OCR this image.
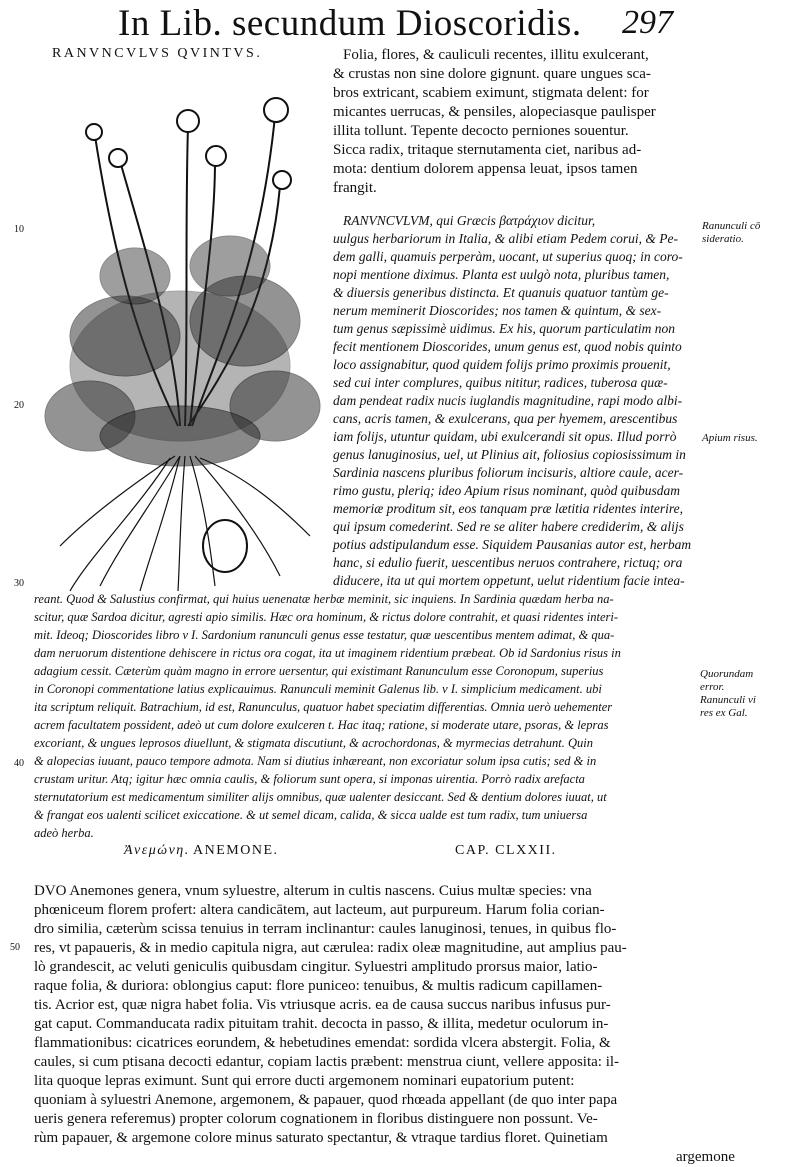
In Lib. secundum Dioscoridis. 297
RANVNCVLVS QVINTVS.	Folia, flores, & cauliculi recentes, illitu exulcerant,
& crustas non sine dolore gignunt. quare ungues sca-
bros extricant, scabiem eximunt, stigmata delent: for
micantes uerrucas, & pensiles, alopeciasque paulisper
illita tollunt. Tepente decocto perniones souentur.
Sicca radix, tritaque sternutamenta ciet, naribus ad-
mota: dentium dolorem appensa leuat, ipsos tamen
frangit.
RANVNCVLVM, qui Græcis βατράχιον dicitur,
uulgus herbariorum in Italia, & alibi etiam Pedem corui, & Pe-
dem galli, quamuis perperàm, uocant, ut superius quoq; in coro-
nopi mentione diximus. Planta est uulgò nota, pluribus tamen,
& diuersis generibus distincta. Et quanuis quatuor tantùm ge-
nerum meminerit Dioscorides; nos tamen & quintum, & sex-
tum genus sæpissimè uidimus. Ex his, quorum particulatim non
fecit mentionem Dioscorides, unum genus est, quod nobis quinto
loco assignabitur, quod quidem folijs primo proximis prouenit,
sed cui inter complures, quibus nititur, radices, tuberosa quæ-
dam pendeat radix nucis iuglandis magnitudine, rapi modo albi-
cans, acris tamen, & exulcerans, qua per hyemem, arescentibus
iam folijs, utuntur quidam, ubi exulcerandi sit opus. Illud porrò
genus lanuginosius, uel, ut Plinius ait, foliosius copiosissimum in
Sardinia nascens pluribus foliorum incisuris, altiore caule, acer-
rimo gustu, pleriq; ideo Apium risus nominant, quòd quibusdam
memoriæ proditum sit, eos tanquam præ lætitia ridentes interire,
qui ipsum comederint. Sed re se aliter habere crediderim, & alijs
potius adstipulandum esse. Siquidem Pausanias autor est, herbam
hanc, si edulio fuerit, uescentibus neruos contrahere, rictuq; ora
diducere, ita ut qui mortem oppetunt, uelut ridentium facie intea-
reant. Quod & Salustius confirmat, qui huius uenenatæ herbæ meminit, sic inquiens. In Sardinia quædam herba na-
scitur, quæ Sardoa dicitur, agresti apio similis. Hæc ora hominum, & rictus dolore contrahit, et quasi ridentes interi-
mit. Ideoq; Dioscorides libro v I. Sardonium ranunculi genus esse testatur, quæ uescentibus mentem adimat, & qua-
dam neruorum distentione dehiscere in rictus ora cogat, ita ut imaginem ridentium præbeat. Ob id Sardonius risus in
adagium cessit. Cæterùm quàm magno in errore uersentur, qui existimant Ranunculum esse Coronopum, superius
in Coronopi commentatione latius explicauimus. Ranunculi meminit Galenus lib. v I. simplicium medicament. ubi
ita scriptum reliquit. Batrachium, id est, Ranunculus, quatuor habet speciatim differentias. Omnia uerò uehementer
acrem facultatem possident, adeò ut cum dolore exulceren t. Hac itaq; ratione, si moderate utare, psoras, & lepras
excoriant, & ungues leprosos diuellunt, & stigmata discutiunt, & acrochordonas, & myrmecias detrahunt. Quin
& alopecias iuuant, pauco tempore admota. Nam si diutius inhæreant, non excoriatur solum ipsa cutis; sed & in
crustam uritur. Atq; igitur hæc omnia caulis, & foliorum sunt opera, si imponas uirentia. Porrò radix arefacta
sternutatorium est medicamentum similiter alijs omnibus, quæ ualenter desiccant. Sed & dentium dolores iuuat, ut
& frangat eos ualenti scilicet exiccatione. & ut semel dicam, calida, & sicca ualde est tum radix, tum uniuersa
adeò herba.
Ranunculi cō
sideratio.
Apium risus.
Quorundam
error.
Ranunculi vi
res ex Gal.
10
20
30
40
50
Ἀνεμώνη. ANEMONE.	CAP. CLXXII.
DVO Anemones genera, vnum syluestre, alterum in cultis nascens. Cuius multæ species: vna
phœniceum florem profert: altera candicātem, aut lacteum, aut purpureum. Harum folia corian-
dro similia, cæterùm scissa tenuius in terram inclinantur: caules lanuginosi, tenues, in quibus flo-
res, vt papaueris, & in medio capitula nigra, aut cærulea: radix oleæ magnitudine, aut amplius pau-
lò grandescit, ac veluti geniculis quibusdam cingitur. Syluestri amplitudo prorsus maior, latio-
raque folia, & duriora: oblongius caput: flore puniceo: tenuibus, & multis radicum capillamen-
tis. Acrior est, quæ nigra habet folia. Vis vtriusque acris. ea de causa succus naribus infusus pur-
gat caput. Commanducata radix pituitam trahit. decocta in passo, & illita, medetur oculorum in-
flammationibus: cicatrices eorundem, & hebetudines emendat: sordida vlcera abstergit. Folia, &
caules, si cum ptisana decocti edantur, copiam lactis præbent: menstrua ciunt, vellere apposita: il-
lita quoque lepras eximunt. Sunt qui errore ducti argemonem nominari eupatorium putent:
quoniam à syluestri Anemone, argemonem, & papauer, quod rhœada appellant (de quo inter papa
ueris genera referemus) propter colorum cognationem in floribus distinguere non possunt. Ve-
rùm papauer, & argemone colore minus saturato spectantur, & vtraque tardius floret. Quinetiam
argemone
